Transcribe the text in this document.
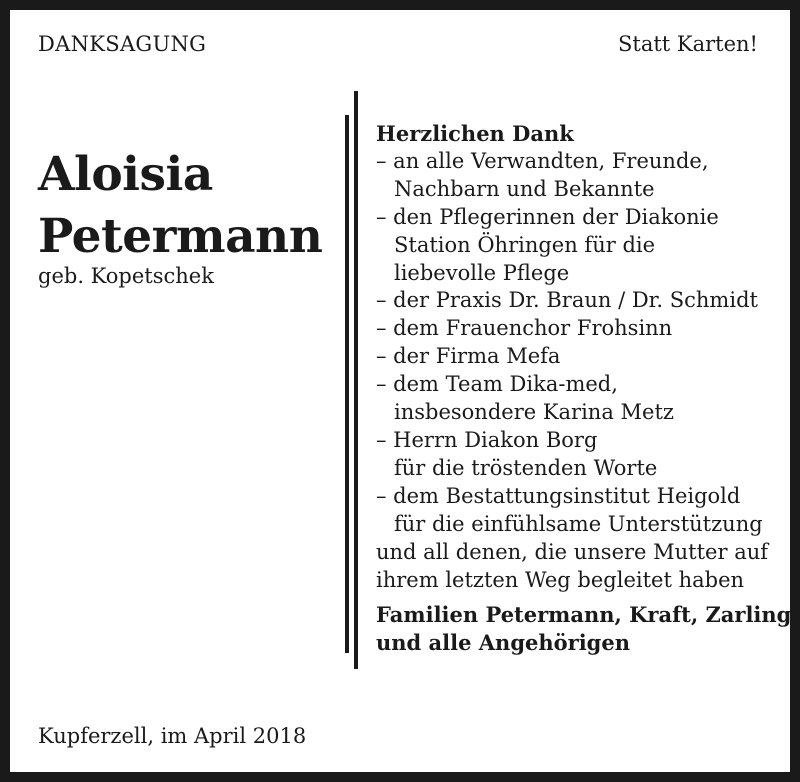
DANKSAGUNG	Statt Karten!
Aloisia
Petermann
geb. Kopetschek
Herzlichen Dank
– an alle Verwandten, Freunde,
Nachbarn und Bekannte
– den Pflegerinnen der Diakonie
Station Öhringen für die
liebevolle Pflege
– der Praxis Dr. Braun / Dr. Schmidt
– dem Frauenchor Frohsinn
– der Firma Mefa
– dem Team Dika-med,
insbesondere Karina Metz
– Herrn Diakon Borg
für die tröstenden Worte
– dem Bestattungsinstitut Heigold
für die einfühlsame Unterstützung
und all denen, die unsere Mutter auf
ihrem letzten Weg begleitet haben
Familien Petermann, Kraft, Zarling
und alle Angehörigen
Kupferzell, im April 2018
